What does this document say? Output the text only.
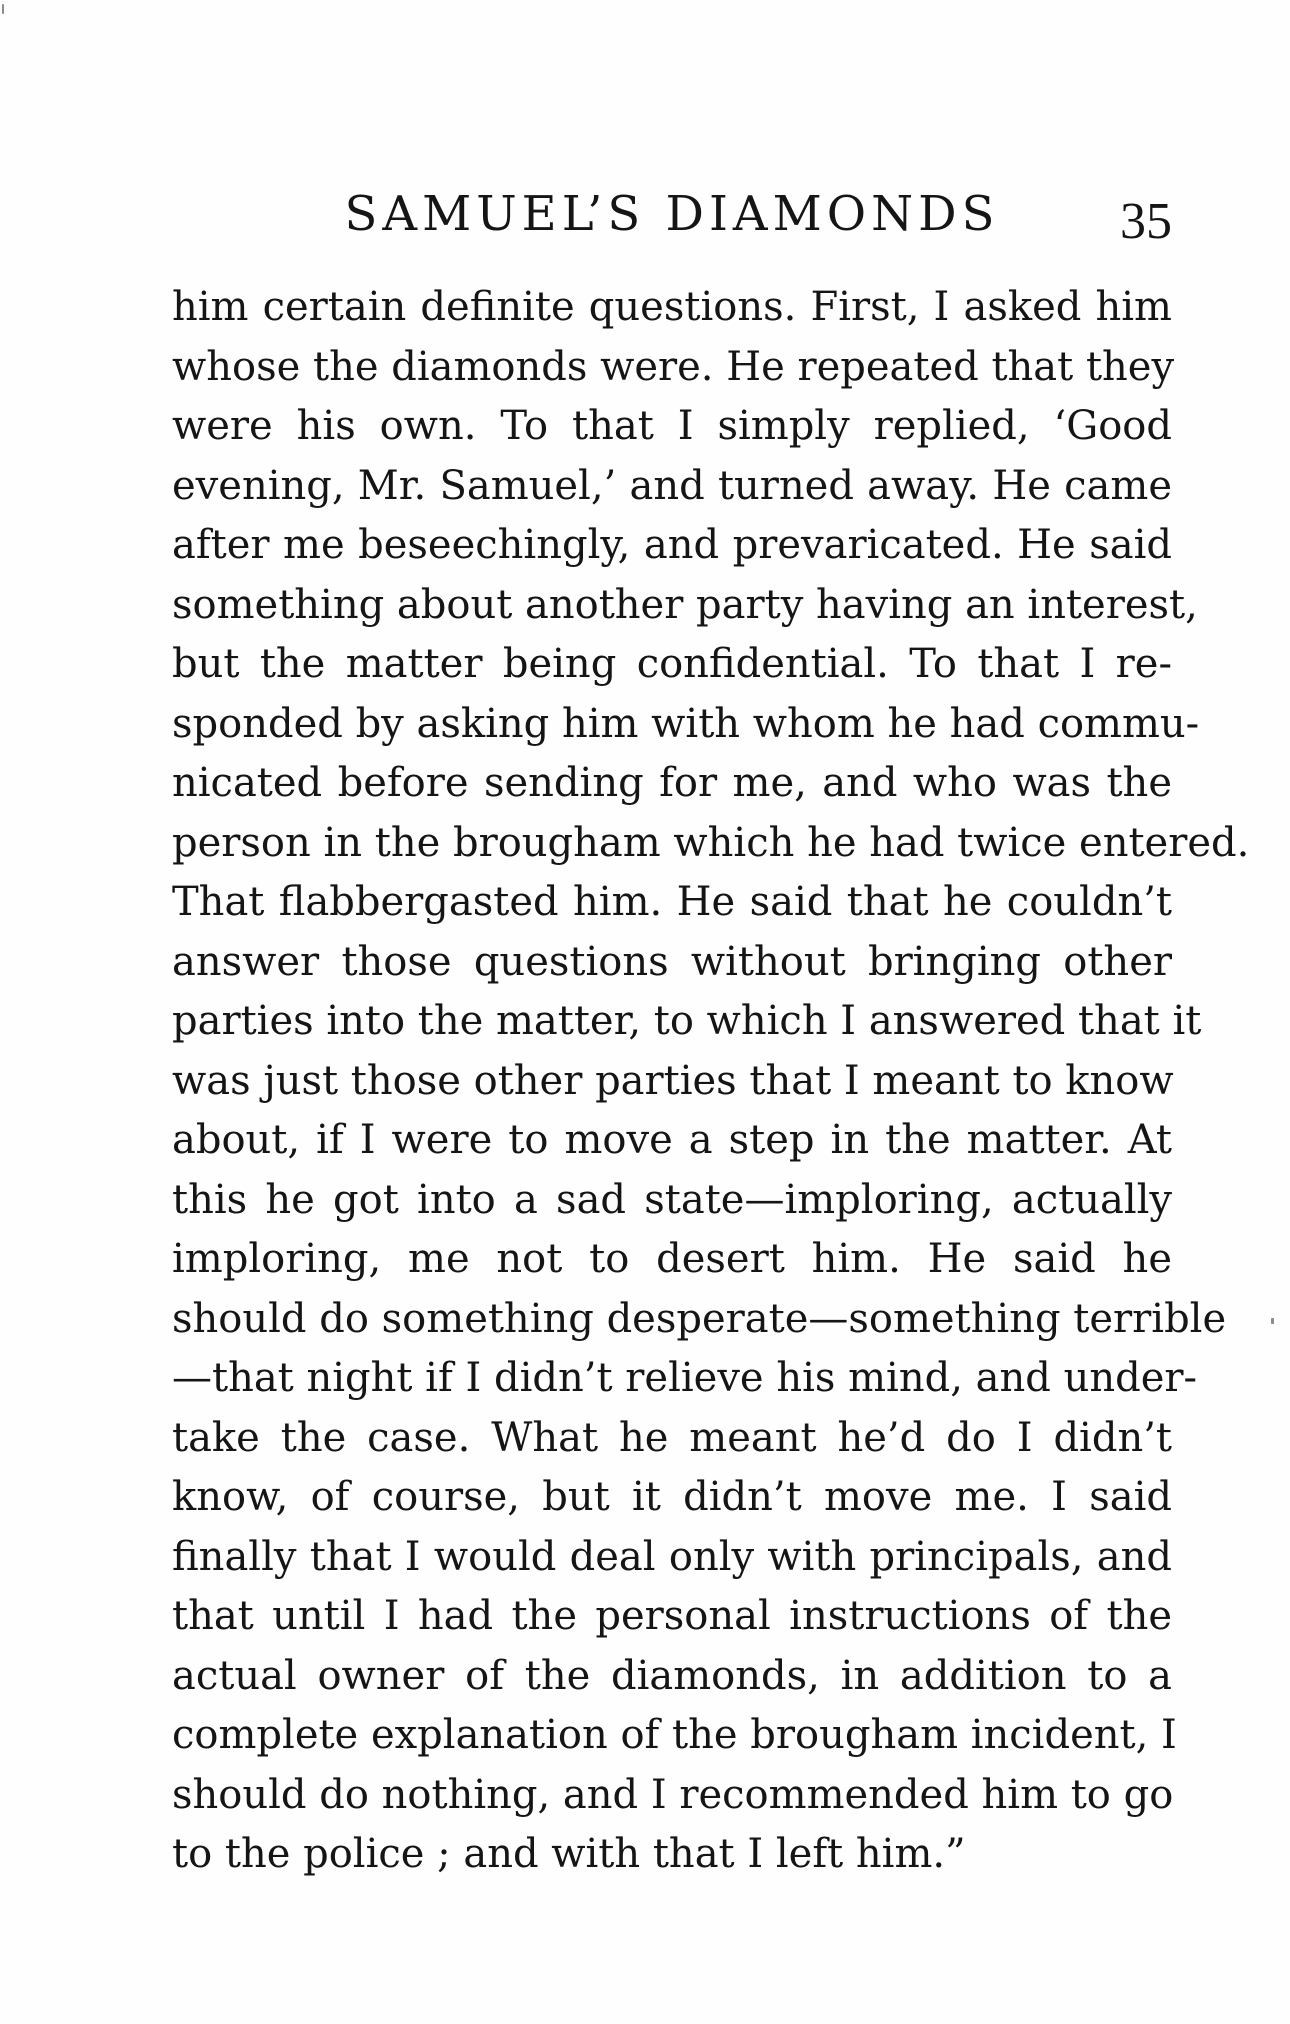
SAMUEL’S DIAMONDS	35
him certain definite questions. First, I asked him
whose the diamonds were. He repeated that they
were his own. To that I simply replied, ‘Good
evening, Mr. Samuel,’ and turned away. He came
after me beseechingly, and prevaricated. He said
something about another party having an interest,
but the matter being confidential. To that I re-
sponded by asking him with whom he had commu-
nicated before sending for me, and who was the
person in the brougham which he had twice entered.
That flabbergasted him. He said that he couldn’t
answer those questions without bringing other
parties into the matter, to which I answered that it
was just those other parties that I meant to know
about, if I were to move a step in the matter. At
this he got into a sad state—imploring, actually
imploring, me not to desert him. He said he
should do something desperate—something terrible
—that night if I didn’t relieve his mind, and under-
take the case. What he meant he’d do I didn’t
know, of course, but it didn’t move me. I said
finally that I would deal only with principals, and
that until I had the personal instructions of the
actual owner of the diamonds, in addition to a
complete explanation of the brougham incident, I
should do nothing, and I recommended him to go
to the police ; and with that I left him.”
